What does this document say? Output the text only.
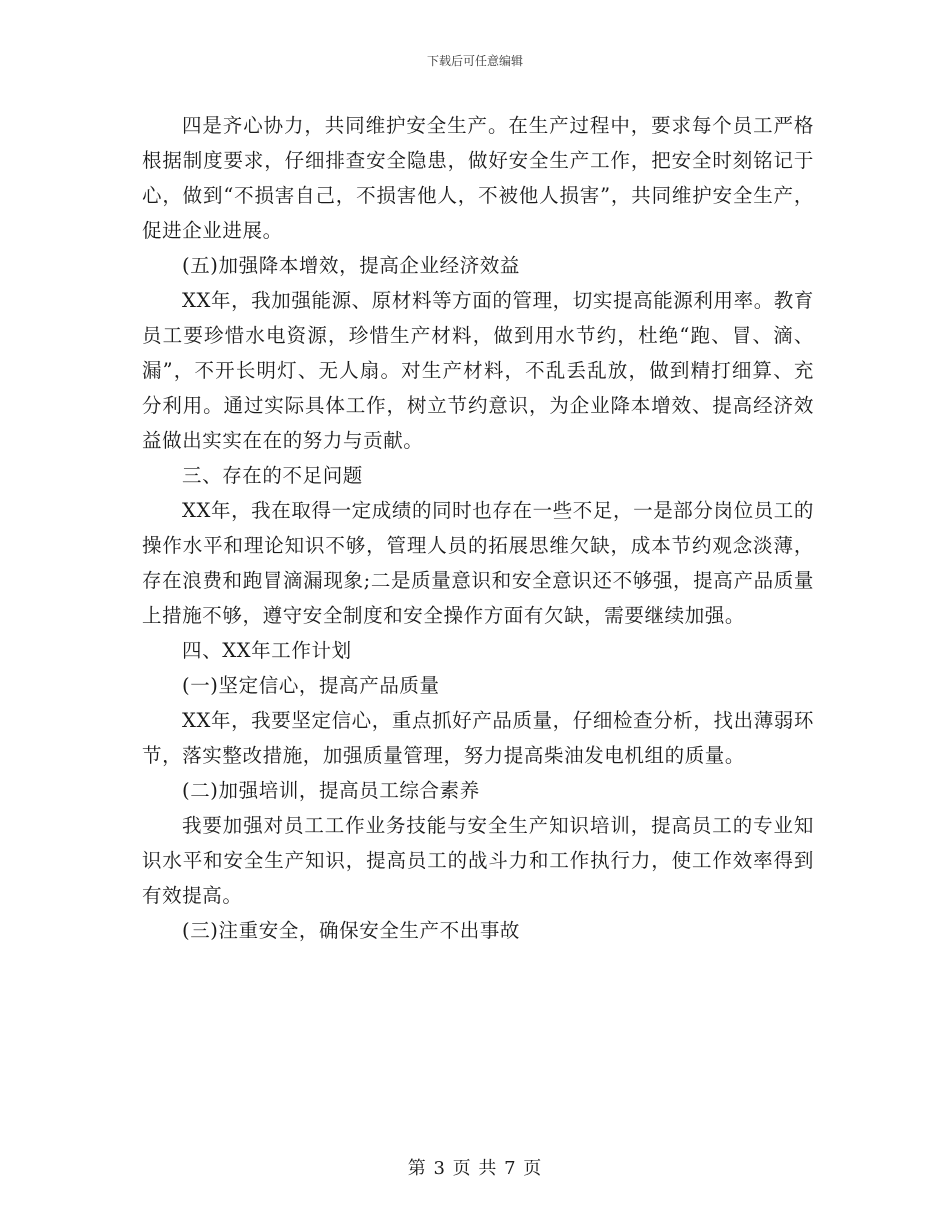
下载后可任意编辑

四是齐心协力，共同维护安全生产。在生产过程中，要求每个员工严格根据制度要求，仔细排查安全隐患，做好安全生产工作，把安全时刻铭记于心，做到“不损害自己，不损害他人，不被他人损害”，共同维护安全生产，促进企业进展。

(五)加强降本增效，提高企业经济效益

XX年，我加强能源、原材料等方面的管理，切实提高能源利用率。教育员工要珍惜水电资源，珍惜生产材料，做到用水节约，杜绝“跑、冒、滴、漏”，不开长明灯、无人扇。对生产材料，不乱丢乱放，做到精打细算、充分利用。通过实际具体工作，树立节约意识，为企业降本增效、提高经济效益做出实实在在的努力与贡献。

三、存在的不足问题

XX年，我在取得一定成绩的同时也存在一些不足，一是部分岗位员工的操作水平和理论知识不够，管理人员的拓展思维欠缺，成本节约观念淡薄，存在浪费和跑冒滴漏现象;二是质量意识和安全意识还不够强，提高产品质量上措施不够，遵守安全制度和安全操作方面有欠缺，需要继续加强。

四、XX年工作计划

(一)坚定信心，提高产品质量

XX年，我要坚定信心，重点抓好产品质量，仔细检查分析，找出薄弱环节，落实整改措施，加强质量管理，努力提高柴油发电机组的质量。

(二)加强培训，提高员工综合素养

我要加强对员工工作业务技能与安全生产知识培训，提高员工的专业知识水平和安全生产知识，提高员工的战斗力和工作执行力，使工作效率得到有效提高。

(三)注重安全，确保安全生产不出事故

第 3 页 共 7 页
